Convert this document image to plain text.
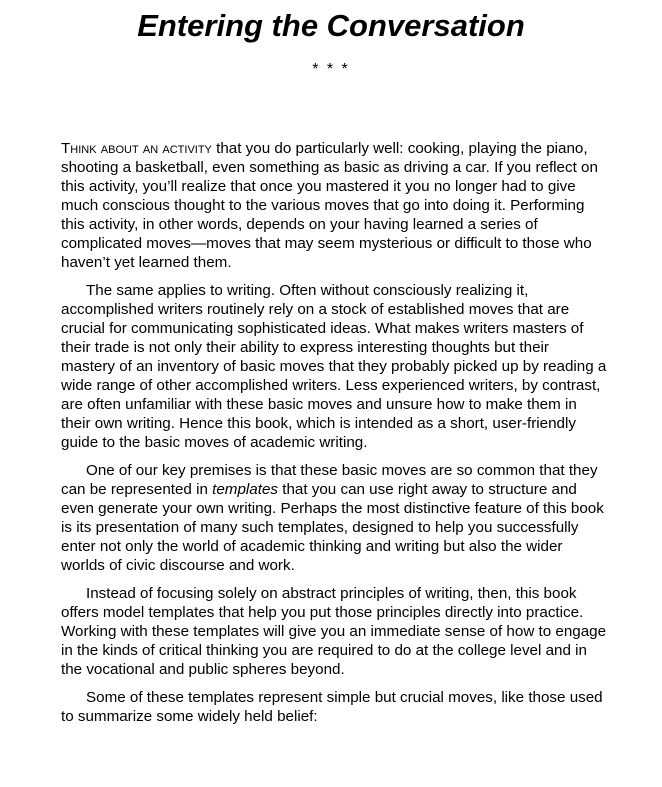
Entering the Conversation
* * *

Think about an activity that you do particularly well: cooking, playing the piano, shooting a basketball, even something as basic as driving a car. If you reflect on this activity, you’ll realize that once you mastered it you no longer had to give much conscious thought to the various moves that go into doing it. Performing this activity, in other words, depends on your having learned a series of complicated moves—moves that may seem mysterious or difficult to those who haven’t yet learned them.

The same applies to writing. Often without consciously realizing it, accomplished writers routinely rely on a stock of established moves that are crucial for communicating sophisticated ideas. What makes writers masters of their trade is not only their ability to express interesting thoughts but their mastery of an inventory of basic moves that they probably picked up by reading a wide range of other accomplished writers. Less experienced writers, by contrast, are often unfamiliar with these basic moves and unsure how to make them in their own writing. Hence this book, which is intended as a short, user-friendly guide to the basic moves of academic writing.

One of our key premises is that these basic moves are so common that they can be represented in templates that you can use right away to structure and even generate your own writing. Perhaps the most distinctive feature of this book is its presentation of many such templates, designed to help you successfully enter not only the world of academic thinking and writing but also the wider worlds of civic discourse and work.

Instead of focusing solely on abstract principles of writing, then, this book offers model templates that help you put those principles directly into practice. Working with these templates will give you an immediate sense of how to engage in the kinds of critical thinking you are required to do at the college level and in the vocational and public spheres beyond.

Some of these templates represent simple but crucial moves, like those used to summarize some widely held belief:
